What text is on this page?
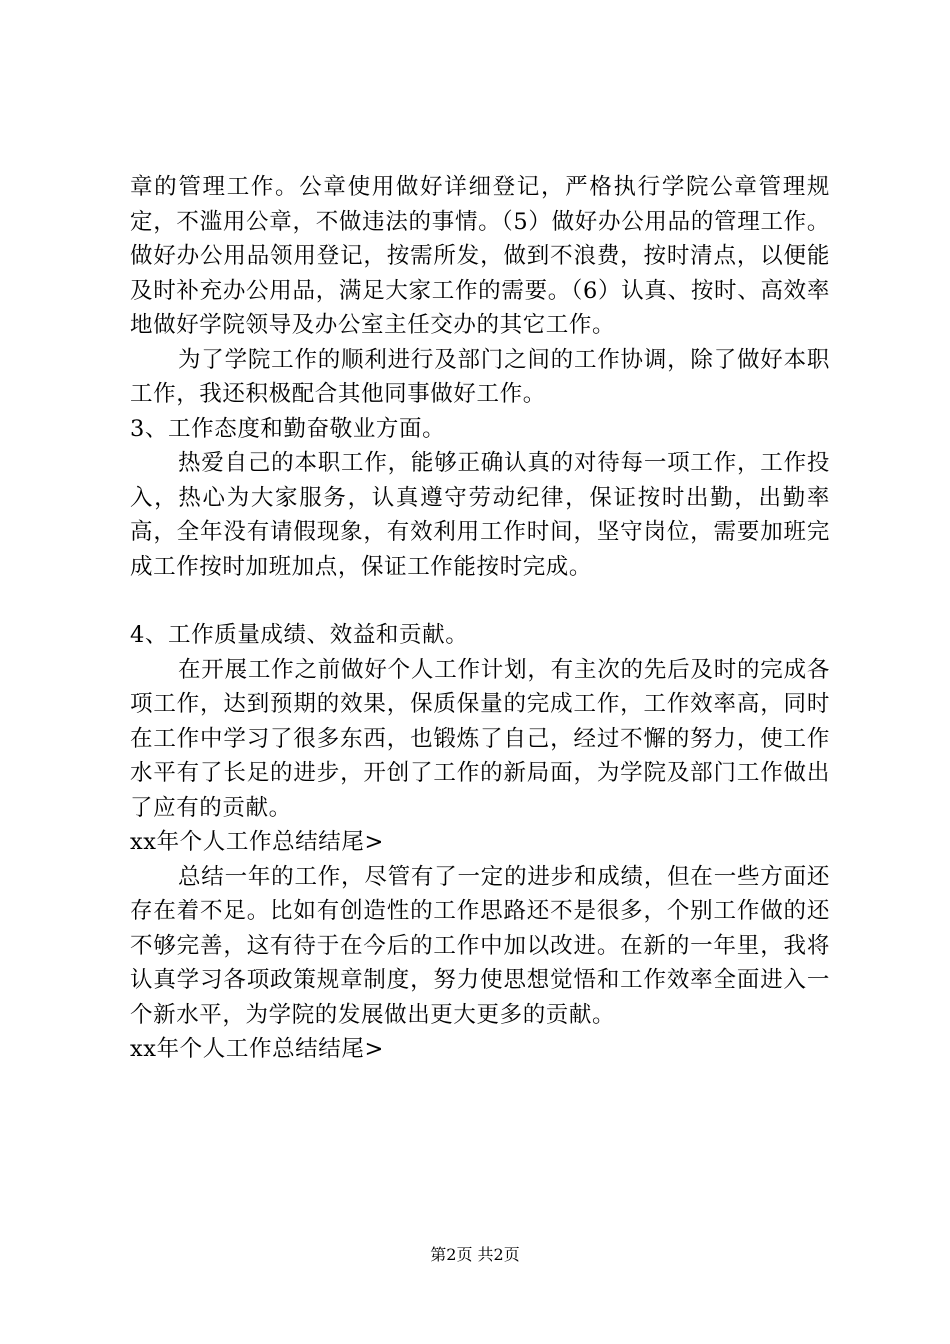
章的管理工作。公章使用做好详细登记，严格执行学院公章管理规定，不滥用公章，不做违法的事情。（5）做好办公用品的管理工作。做好办公用品领用登记，按需所发，做到不浪费，按时清点，以便能及时补充办公用品，满足大家工作的需要。（6）认真、按时、高效率地做好学院领导及办公室主任交办的其它工作。

为了学院工作的顺利进行及部门之间的工作协调，除了做好本职工作，我还积极配合其他同事做好工作。

3、工作态度和勤奋敬业方面。

热爱自己的本职工作，能够正确认真的对待每一项工作，工作投入，热心为大家服务，认真遵守劳动纪律，保证按时出勤，出勤率高，全年没有请假现象，有效利用工作时间，坚守岗位，需要加班完成工作按时加班加点，保证工作能按时完成。

4、工作质量成绩、效益和贡献。

在开展工作之前做好个人工作计划，有主次的先后及时的完成各项工作，达到预期的效果，保质保量的完成工作，工作效率高，同时在工作中学习了很多东西，也锻炼了自己，经过不懈的努力，使工作水平有了长足的进步，开创了工作的新局面，为学院及部门工作做出了应有的贡献。

xx年个人工作总结结尾>

总结一年的工作，尽管有了一定的进步和成绩，但在一些方面还存在着不足。比如有创造性的工作思路还不是很多，个别工作做的还不够完善，这有待于在今后的工作中加以改进。在新的一年里，我将认真学习各项政策规章制度，努力使思想觉悟和工作效率全面进入一个新水平，为学院的发展做出更大更多的贡献。

xx年个人工作总结结尾>

第2页 共2页
